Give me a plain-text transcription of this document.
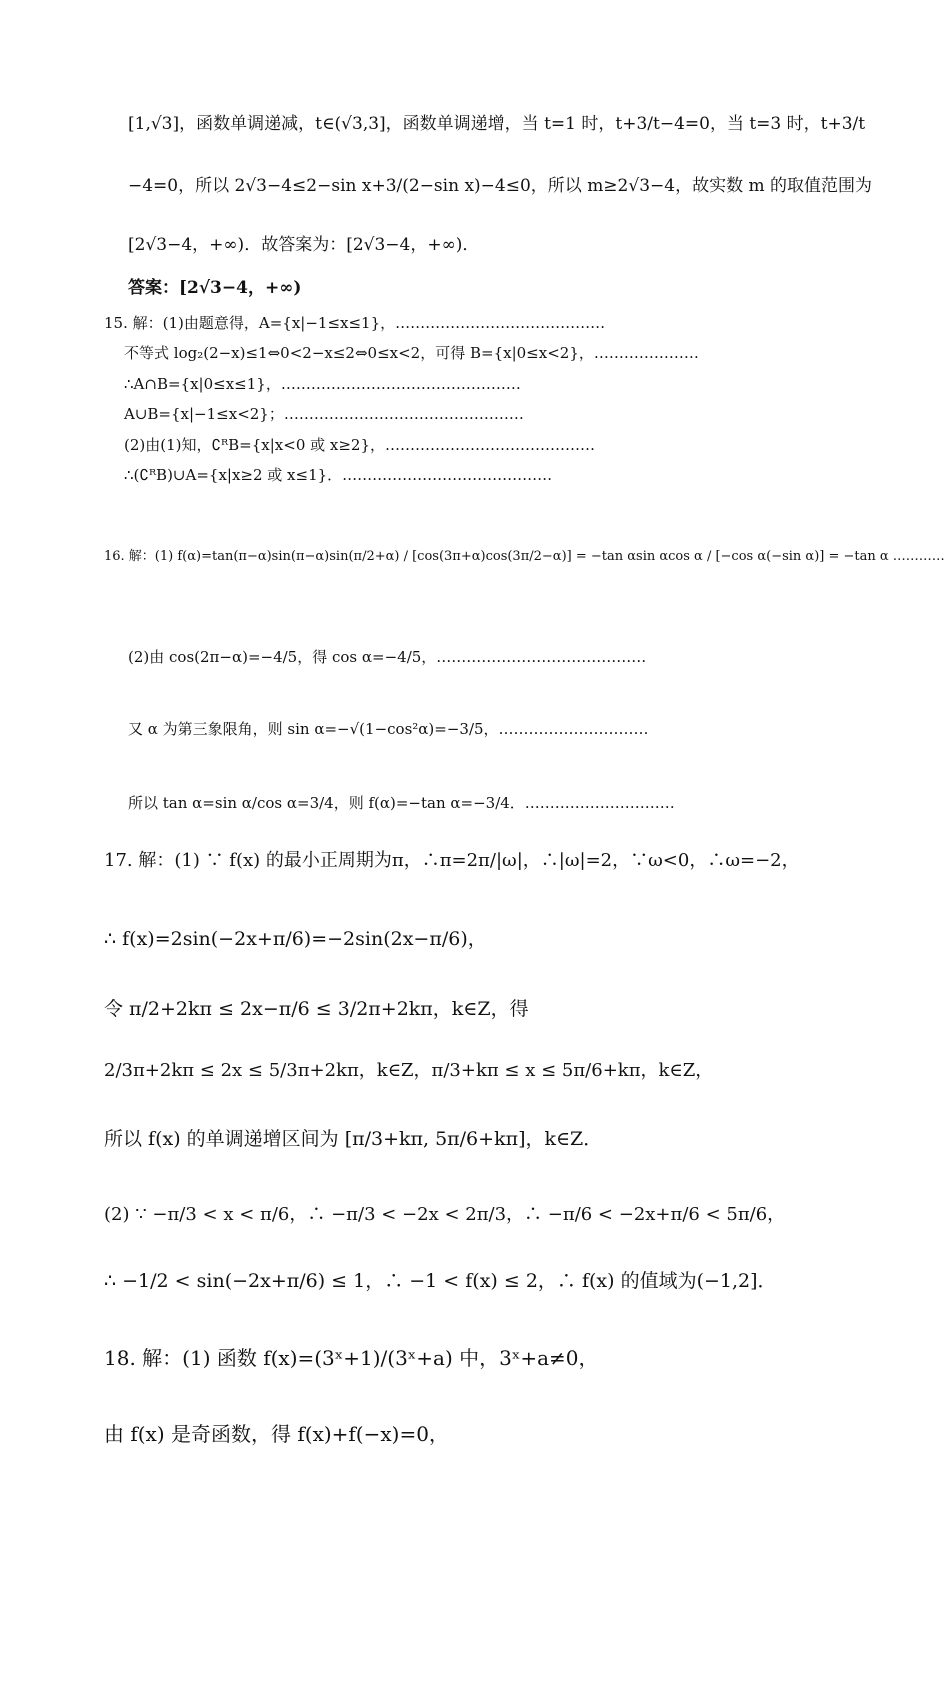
[1,√3]，函数单调递减，t∈(√3,3]，函数单调递增，当 t=1 时，t+3/t−4=0，当 t=3 时，t+3/t
−4=0，所以 2√3−4≤2−sin x+3/(2−sin x)−4≤0，所以 m≥2√3−4，故实数 m 的取值范围为
[2√3−4，+∞)．故答案为：[2√3−4，+∞)．
答案：[2√3−4，+∞)
15. 解：(1)由题意得，A={x|−1≤x≤1}，……………………………………
不等式 log₂(2−x)≤1⇔0<2−x≤2⇔0≤x<2，可得 B={x|0≤x<2}，…………………
∴A∩B={x|0≤x≤1}，…………………………………………
A∪B={x|−1≤x<2}；…………………………………………
(2)由(1)知，∁ᴿB={x|x<0 或 x≥2}，……………………………………
∴(∁ᴿB)∪A={x|x≥2 或 x≤1}．……………………………………
16. 解：(1) f(α)=tan(π−α)sin(π−α)sin(π/2+α) / [cos(3π+α)cos(3π/2−α)] = −tan αsin αcos α / [−cos α(−sin α)] = −tan α …………
(2)由 cos(2π−α)=−4/5，得 cos α=−4/5，……………………………………
又 α 为第三象限角，则 sin α=−√(1−cos²α)=−3/5，…………………………
所以 tan α=sin α/cos α=3/4，则 f(α)=−tan α=−3/4．…………………………
17. 解：(1) ∵ f(x) 的最小正周期为π，∴π=2π/|ω|，∴|ω|=2，∵ω<0，∴ω=−2，
∴ f(x)=2sin(−2x+π/6)=−2sin(2x−π/6)，
令 π/2+2kπ ≤ 2x−π/6 ≤ 3/2π+2kπ，k∈Z，得
2/3π+2kπ ≤ 2x ≤ 5/3π+2kπ，k∈Z，π/3+kπ ≤ x ≤ 5π/6+kπ，k∈Z，
所以 f(x) 的单调递增区间为 [π/3+kπ, 5π/6+kπ]，k∈Z．
(2) ∵ −π/3 < x < π/6，∴ −π/3 < −2x < 2π/3，∴ −π/6 < −2x+π/6 < 5π/6，
∴ −1/2 < sin(−2x+π/6) ≤ 1，∴ −1 < f(x) ≤ 2，∴ f(x) 的值域为(−1,2]．
18. 解：(1) 函数 f(x)=(3ˣ+1)/(3ˣ+a) 中，3ˣ+a≠0，
由 f(x) 是奇函数，得 f(x)+f(−x)=0，
